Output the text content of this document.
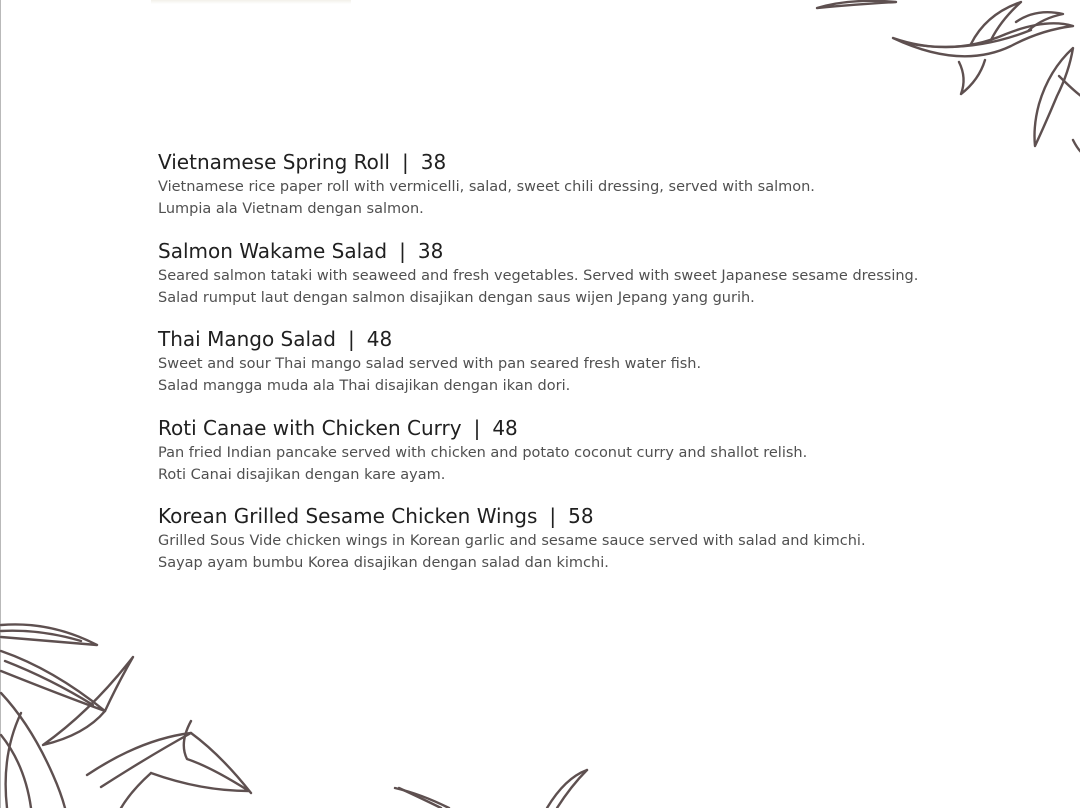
Vietnamese Spring Roll | 38
Vietnamese rice paper roll with vermicelli, salad, sweet chili dressing, served with salmon.
Lumpia ala Vietnam dengan salmon.
Salmon Wakame Salad | 38
Seared salmon tataki with seaweed and fresh vegetables. Served with sweet Japanese sesame dressing.
Salad rumput laut dengan salmon disajikan dengan saus wijen Jepang yang gurih.
Thai Mango Salad | 48
Sweet and sour Thai mango salad served with pan seared fresh water fish.
Salad mangga muda ala Thai disajikan dengan ikan dori.
Roti Canae with Chicken Curry | 48
Pan fried Indian pancake served with chicken and potato coconut curry and shallot relish.
Roti Canai disajikan dengan kare ayam.
Korean Grilled Sesame Chicken Wings | 58
Grilled Sous Vide chicken wings in Korean garlic and sesame sauce served with salad and kimchi.
Sayap ayam bumbu Korea disajikan dengan salad dan kimchi.
